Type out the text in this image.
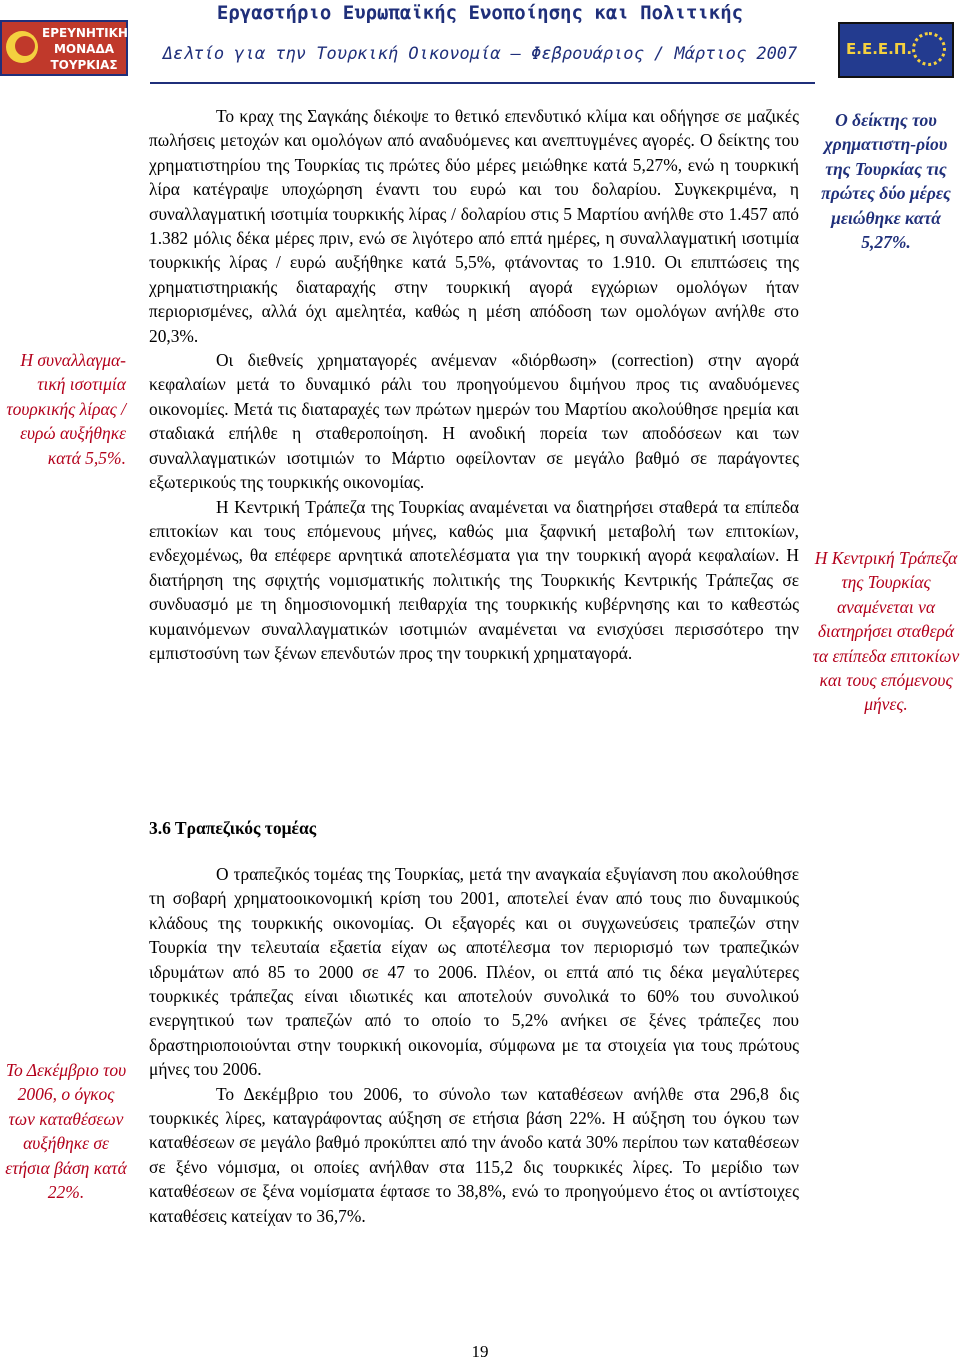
ΕΡΕΥΝΗΤΙΚΗ
ΜΟΝΑΔΑ
ΤΟΥΡΚΙΑΣ
Εργαστήριο Ευρωπαϊκής Ενοποίησης και Πολιτικής
Δελτίο για την Τουρκική Οικονομία – Φεβρουάριος / Μάρτιος 2007	Ε.Ε.Ε.Π.

Το κραχ της Σαγκάης διέκοψε το θετικό επενδυτικό κλίμα και οδήγησε σε μαζικές πωλήσεις μετοχών και ομολόγων από αναδυόμενες και ανεπτυγμένες αγορές. Ο δείκτης του χρηματιστηρίου της Τουρκίας τις πρώτες δύο μέρες μειώθηκε κατά 5,27%, ενώ η τουρκική λίρα κατέγραψε υποχώρηση έναντι του ευρώ και του δολαρίου. Συγκεκριμένα, η συναλλαγματική ισοτιμία τουρκικής λίρας / δολαρίου στις 5 Μαρτίου ανήλθε στο 1.457 από 1.382 μόλις δέκα μέρες πριν, ενώ σε λιγότερο από επτά ημέρες, η συναλλαγματική ισοτιμία τουρκικής λίρας / ευρώ αυξήθηκε κατά 5,5%, φτάνοντας το 1.910. Οι επιπτώσεις της χρηματιστηριακής διαταραχής στην τουρκική αγορά εγχώριων ομολόγων ήταν περιορισμένες, αλλά όχι αμελητέα, καθώς η μέση απόδοση των ομολόγων ανήλθε στο 20,3%.

Οι διεθνείς χρηματαγορές ανέμεναν «διόρθωση» (correction) στην αγορά κεφαλαίων μετά το δυναμικό ράλι του προηγούμενου διμήνου προς τις αναδυόμενες οικονομίες. Μετά τις διαταραχές των πρώτων ημερών του Μαρτίου ακολούθησε ηρεμία και σταδιακά επήλθε η σταθεροποίηση. Η ανοδική πορεία των αποδόσεων και των συναλλαγματικών ισοτιμιών το Μάρτιο οφείλονταν σε μεγάλο βαθμό σε παράγοντες εξωτερικούς της τουρκικής οικονομίας.

Η Κεντρική Τράπεζα της Τουρκίας αναμένεται να διατηρήσει σταθερά τα επίπεδα επιτοκίων και τους επόμενους μήνες, καθώς μια ξαφνική μεταβολή των επιτοκίων, ενδεχομένως, θα επέφερε αρνητικά αποτελέσματα για την τουρκική αγορά κεφαλαίων. Η διατήρηση της σφιχτής νομισματικής πολιτικής της Τουρκικής Κεντρικής Τράπεζας σε συνδυασμό με τη δημοσιονομική πειθαρχία της τουρκικής κυβέρνησης και το καθεστώς κυμαινόμενων συναλλαγματικών ισοτιμιών αναμένεται να ενισχύσει περισσότερο την εμπιστοσύνη των ξένων επενδυτών προς την τουρκική χρηματαγορά.

3.6 Τραπεζικός τομέας

Ο τραπεζικός τομέας της Τουρκίας, μετά την αναγκαία εξυγίανση που ακολούθησε τη σοβαρή χρηματοοικονομική κρίση του 2001, αποτελεί έναν από τους πιο δυναμικούς κλάδους της τουρκικής οικονομίας. Οι εξαγορές και οι συγχωνεύσεις τραπεζών στην Τουρκία την τελευταία εξαετία είχαν ως αποτέλεσμα τον περιορισμό των τραπεζικών ιδρυμάτων από 85 το 2000 σε 47 το 2006. Πλέον, οι επτά από τις δέκα μεγαλύτερες τουρκικές τράπεζας είναι ιδιωτικές και αποτελούν συνολικά το 60% του συνολικού ενεργητικού των τραπεζών από το οποίο το 5,2% ανήκει σε ξένες τράπεζες που δραστηριοποιούνται στην τουρκική οικονομία, σύμφωνα με τα στοιχεία για τους πρώτους μήνες του 2006.

Το Δεκέμβριο του 2006, το σύνολο των καταθέσεων ανήλθε στα 296,8 δις τουρκικές λίρες, καταγράφοντας αύξηση σε ετήσια βάση 22%. Η αύξηση του όγκου των καταθέσεων σε μεγάλο βαθμό προκύπτει από την άνοδο κατά 30% περίπου των καταθέσεων σε ξένο νόμισμα, οι οποίες ανήλθαν στα 115,2 δις τουρκικές λίρες. Το μερίδιο των καταθέσεων σε ξένα νομίσματα έφτασε το 38,8%, ενώ το προηγούμενο έτος οι αντίστοιχες καταθέσεις κατείχαν το 36,7%.

Ο δείκτης του χρηματιστη-ρίου της Τουρκίας τις πρώτες δύο μέρες μειώθηκε κατά 5,27%.
Η συναλλαγμα-τική ισοτιμία τουρκικής λίρας / ευρώ αυξήθηκε κατά 5,5%.
Η Κεντρική Τράπεζα της Τουρκίας αναμένεται να διατηρήσει σταθερά τα επίπεδα επιτοκίων και τους επόμενους μήνες.
Το Δεκέμβριο του 2006, ο όγκος των καταθέσεων αυξήθηκε σε ετήσια βάση κατά 22%.
19
